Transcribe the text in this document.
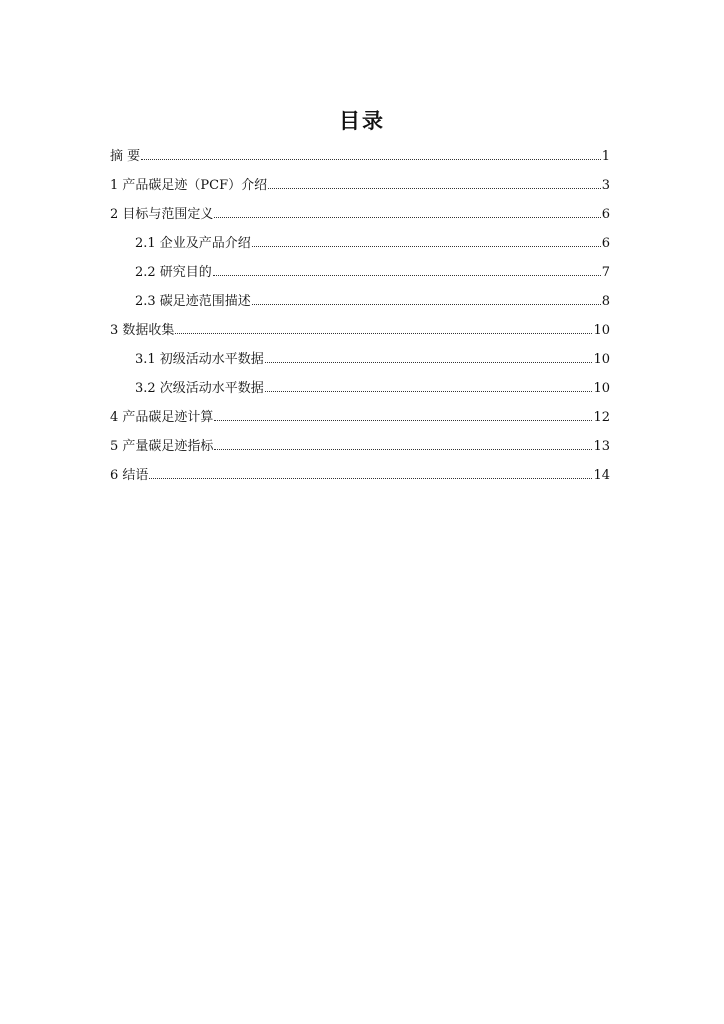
目录
摘 要	1
1 产品碳足迹（PCF）介绍	3
2 目标与范围定义	6
2.1 企业及产品介绍	6
2.2 研究目的	7
2.3 碳足迹范围描述	8
3 数据收集	10
3.1 初级活动水平数据	10
3.2 次级活动水平数据	10
4 产品碳足迹计算	12
5 产量碳足迹指标	13
6 结语	14
